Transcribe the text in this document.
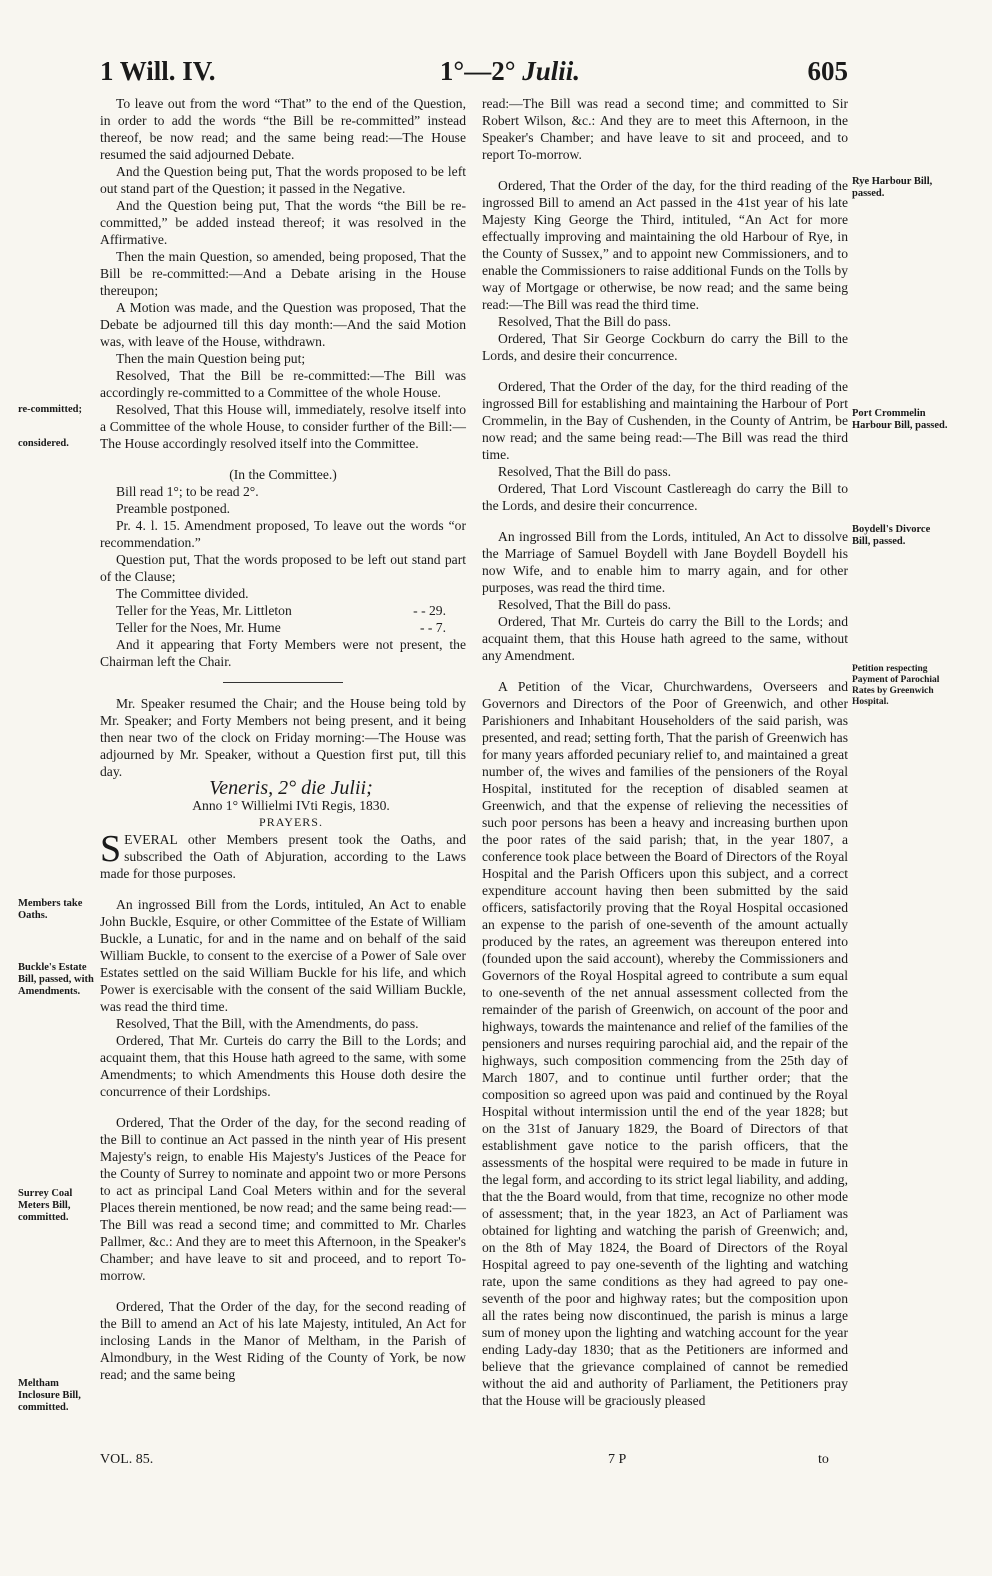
1 Will. IV.	1°—2° Julii.	605

To leave out from the word “That” to the end of the Question, in order to add the words “the Bill be re-committed” instead thereof, be now read; and the same being read:—The House resumed the said adjourned Debate.

And the Question being put, That the words proposed to be left out stand part of the Question; it passed in the Negative.

And the Question being put, That the words “the Bill be re-committed,” be added instead thereof; it was resolved in the Affirmative.

Then the main Question, so amended, being proposed, That the Bill be re-committed:—And a Debate arising in the House thereupon;

A Motion was made, and the Question was proposed, That the Debate be adjourned till this day month:—And the said Motion was, with leave of the House, withdrawn.

Then the main Question being put;

Resolved, That the Bill be re-committed:—The Bill was accordingly re-committed to a Committee of the whole House.

Resolved, That this House will, immediately, resolve itself into a Committee of the whole House, to consider further of the Bill:—The House accordingly resolved itself into the Committee.

(In the Committee.)

Bill read 1°; to be read 2°.

Preamble postponed.

Pr. 4. l. 15. Amendment proposed, To leave out the words “or recommendation.”

Question put, That the words proposed to be left out stand part of the Clause;

The Committee divided.

Teller for the Yeas, Mr. Littleton	- - 29.
Teller for the Noes, Mr. Hume	- - 7.

And it appearing that Forty Members were not present, the Chairman left the Chair.

Mr. Speaker resumed the Chair; and the House being told by Mr. Speaker; and Forty Members not being present, and it being then near two of the clock on Friday morning:—The House was adjourned by Mr. Speaker, without a Question first put, till this day.

Veneris, 2° die Julii;

Anno 1° Willielmi IVti Regis, 1830.

PRAYERS.

SEVERAL other Members present took the Oaths, and subscribed the Oath of Abjuration, according to the Laws made for those purposes.

An ingrossed Bill from the Lords, intituled, An Act to enable John Buckle, Esquire, or other Committee of the Estate of William Buckle, a Lunatic, for and in the name and on behalf of the said William Buckle, to consent to the exercise of a Power of Sale over Estates settled on the said William Buckle for his life, and which Power is exercisable with the consent of the said William Buckle, was read the third time.

Resolved, That the Bill, with the Amendments, do pass.

Ordered, That Mr. Curteis do carry the Bill to the Lords; and acquaint them, that this House hath agreed to the same, with some Amendments; to which Amendments this House doth desire the concurrence of their Lordships.

Ordered, That the Order of the day, for the second reading of the Bill to continue an Act passed in the ninth year of His present Majesty's reign, to enable His Majesty's Justices of the Peace for the County of Surrey to nominate and appoint two or more Persons to act as principal Land Coal Meters within and for the several Places therein mentioned, be now read; and the same being read:—The Bill was read a second time; and committed to Mr. Charles Pallmer, &c.: And they are to meet this Afternoon, in the Speaker's Chamber; and have leave to sit and proceed, and to report To-morrow.

Ordered, That the Order of the day, for the second reading of the Bill to amend an Act of his late Majesty, intituled, An Act for inclosing Lands in the Manor of Meltham, in the Parish of Almondbury, in the West Riding of the County of York, be now read; and the same being

read:—The Bill was read a second time; and committed to Sir Robert Wilson, &c.: And they are to meet this Afternoon, in the Speaker's Chamber; and have leave to sit and proceed, and to report To-morrow.

Ordered, That the Order of the day, for the third reading of the ingrossed Bill to amend an Act passed in the 41st year of his late Majesty King George the Third, intituled, “An Act for more effectually improving and maintaining the old Harbour of Rye, in the County of Sussex,” and to appoint new Commissioners, and to enable the Commissioners to raise additional Funds on the Tolls by way of Mortgage or otherwise, be now read; and the same being read:—The Bill was read the third time.

Resolved, That the Bill do pass.

Ordered, That Sir George Cockburn do carry the Bill to the Lords, and desire their concurrence.

Ordered, That the Order of the day, for the third reading of the ingrossed Bill for establishing and maintaining the Harbour of Port Crommelin, in the Bay of Cushenden, in the County of Antrim, be now read; and the same being read:—The Bill was read the third time.

Resolved, That the Bill do pass.

Ordered, That Lord Viscount Castlereagh do carry the Bill to the Lords, and desire their concurrence.

An ingrossed Bill from the Lords, intituled, An Act to dissolve the Marriage of Samuel Boydell with Jane Boydell Boydell his now Wife, and to enable him to marry again, and for other purposes, was read the third time.

Resolved, That the Bill do pass.

Ordered, That Mr. Curteis do carry the Bill to the Lords; and acquaint them, that this House hath agreed to the same, without any Amendment.

A Petition of the Vicar, Churchwardens, Overseers and Governors and Directors of the Poor of Greenwich, and other Parishioners and Inhabitant Householders of the said parish, was presented, and read; setting forth, That the parish of Greenwich has for many years afforded pecuniary relief to, and maintained a great number of, the wives and families of the pensioners of the Royal Hospital, instituted for the reception of disabled seamen at Greenwich, and that the expense of relieving the necessities of such poor persons has been a heavy and increasing burthen upon the poor rates of the said parish; that, in the year 1807, a conference took place between the Board of Directors of the Royal Hospital and the Parish Officers upon this subject, and a correct expenditure account having then been submitted by the said officers, satisfactorily proving that the Royal Hospital occasioned an expense to the parish of one-seventh of the amount actually produced by the rates, an agreement was thereupon entered into (founded upon the said account), whereby the Commissioners and Governors of the Royal Hospital agreed to contribute a sum equal to one-seventh of the net annual assessment collected from the remainder of the parish of Greenwich, on account of the poor and highways, towards the maintenance and relief of the families of the pensioners and nurses requiring parochial aid, and the repair of the highways, such composition commencing from the 25th day of March 1807, and to continue until further order; that the composition so agreed upon was paid and continued by the Royal Hospital without intermission until the end of the year 1828; but on the 31st of January 1829, the Board of Directors of that establishment gave notice to the parish officers, that the assessments of the hospital were required to be made in future in the legal form, and according to its strict legal liability, and adding, that the the Board would, from that time, recognize no other mode of assessment; that, in the year 1823, an Act of Parliament was obtained for lighting and watching the parish of Greenwich; and, on the 8th of May 1824, the Board of Directors of the Royal Hospital agreed to pay one-seventh of the lighting and watching rate, upon the same conditions as they had agreed to pay one-seventh of the poor and highway rates; but the composition upon all the rates being now discontinued, the parish is minus a large sum of money upon the lighting and watching account for the year ending Lady-day 1830; that as the Petitioners are informed and believe that the grievance complained of cannot be remedied without the aid and authority of Parliament, the Petitioners pray that the House will be graciously pleased

re-committed;
considered.
Members take Oaths.
Buckle's Estate Bill, passed, with Amendments.
Surrey Coal Meters Bill, committed.
Meltham Inclosure Bill, committed.
Rye Harbour Bill, passed.
Port Crommelin Harbour Bill, passed.
Boydell's Divorce Bill, passed.
Petition respecting Payment of Parochial Rates by Greenwich Hospital.
VOL. 85.	7 P	to
